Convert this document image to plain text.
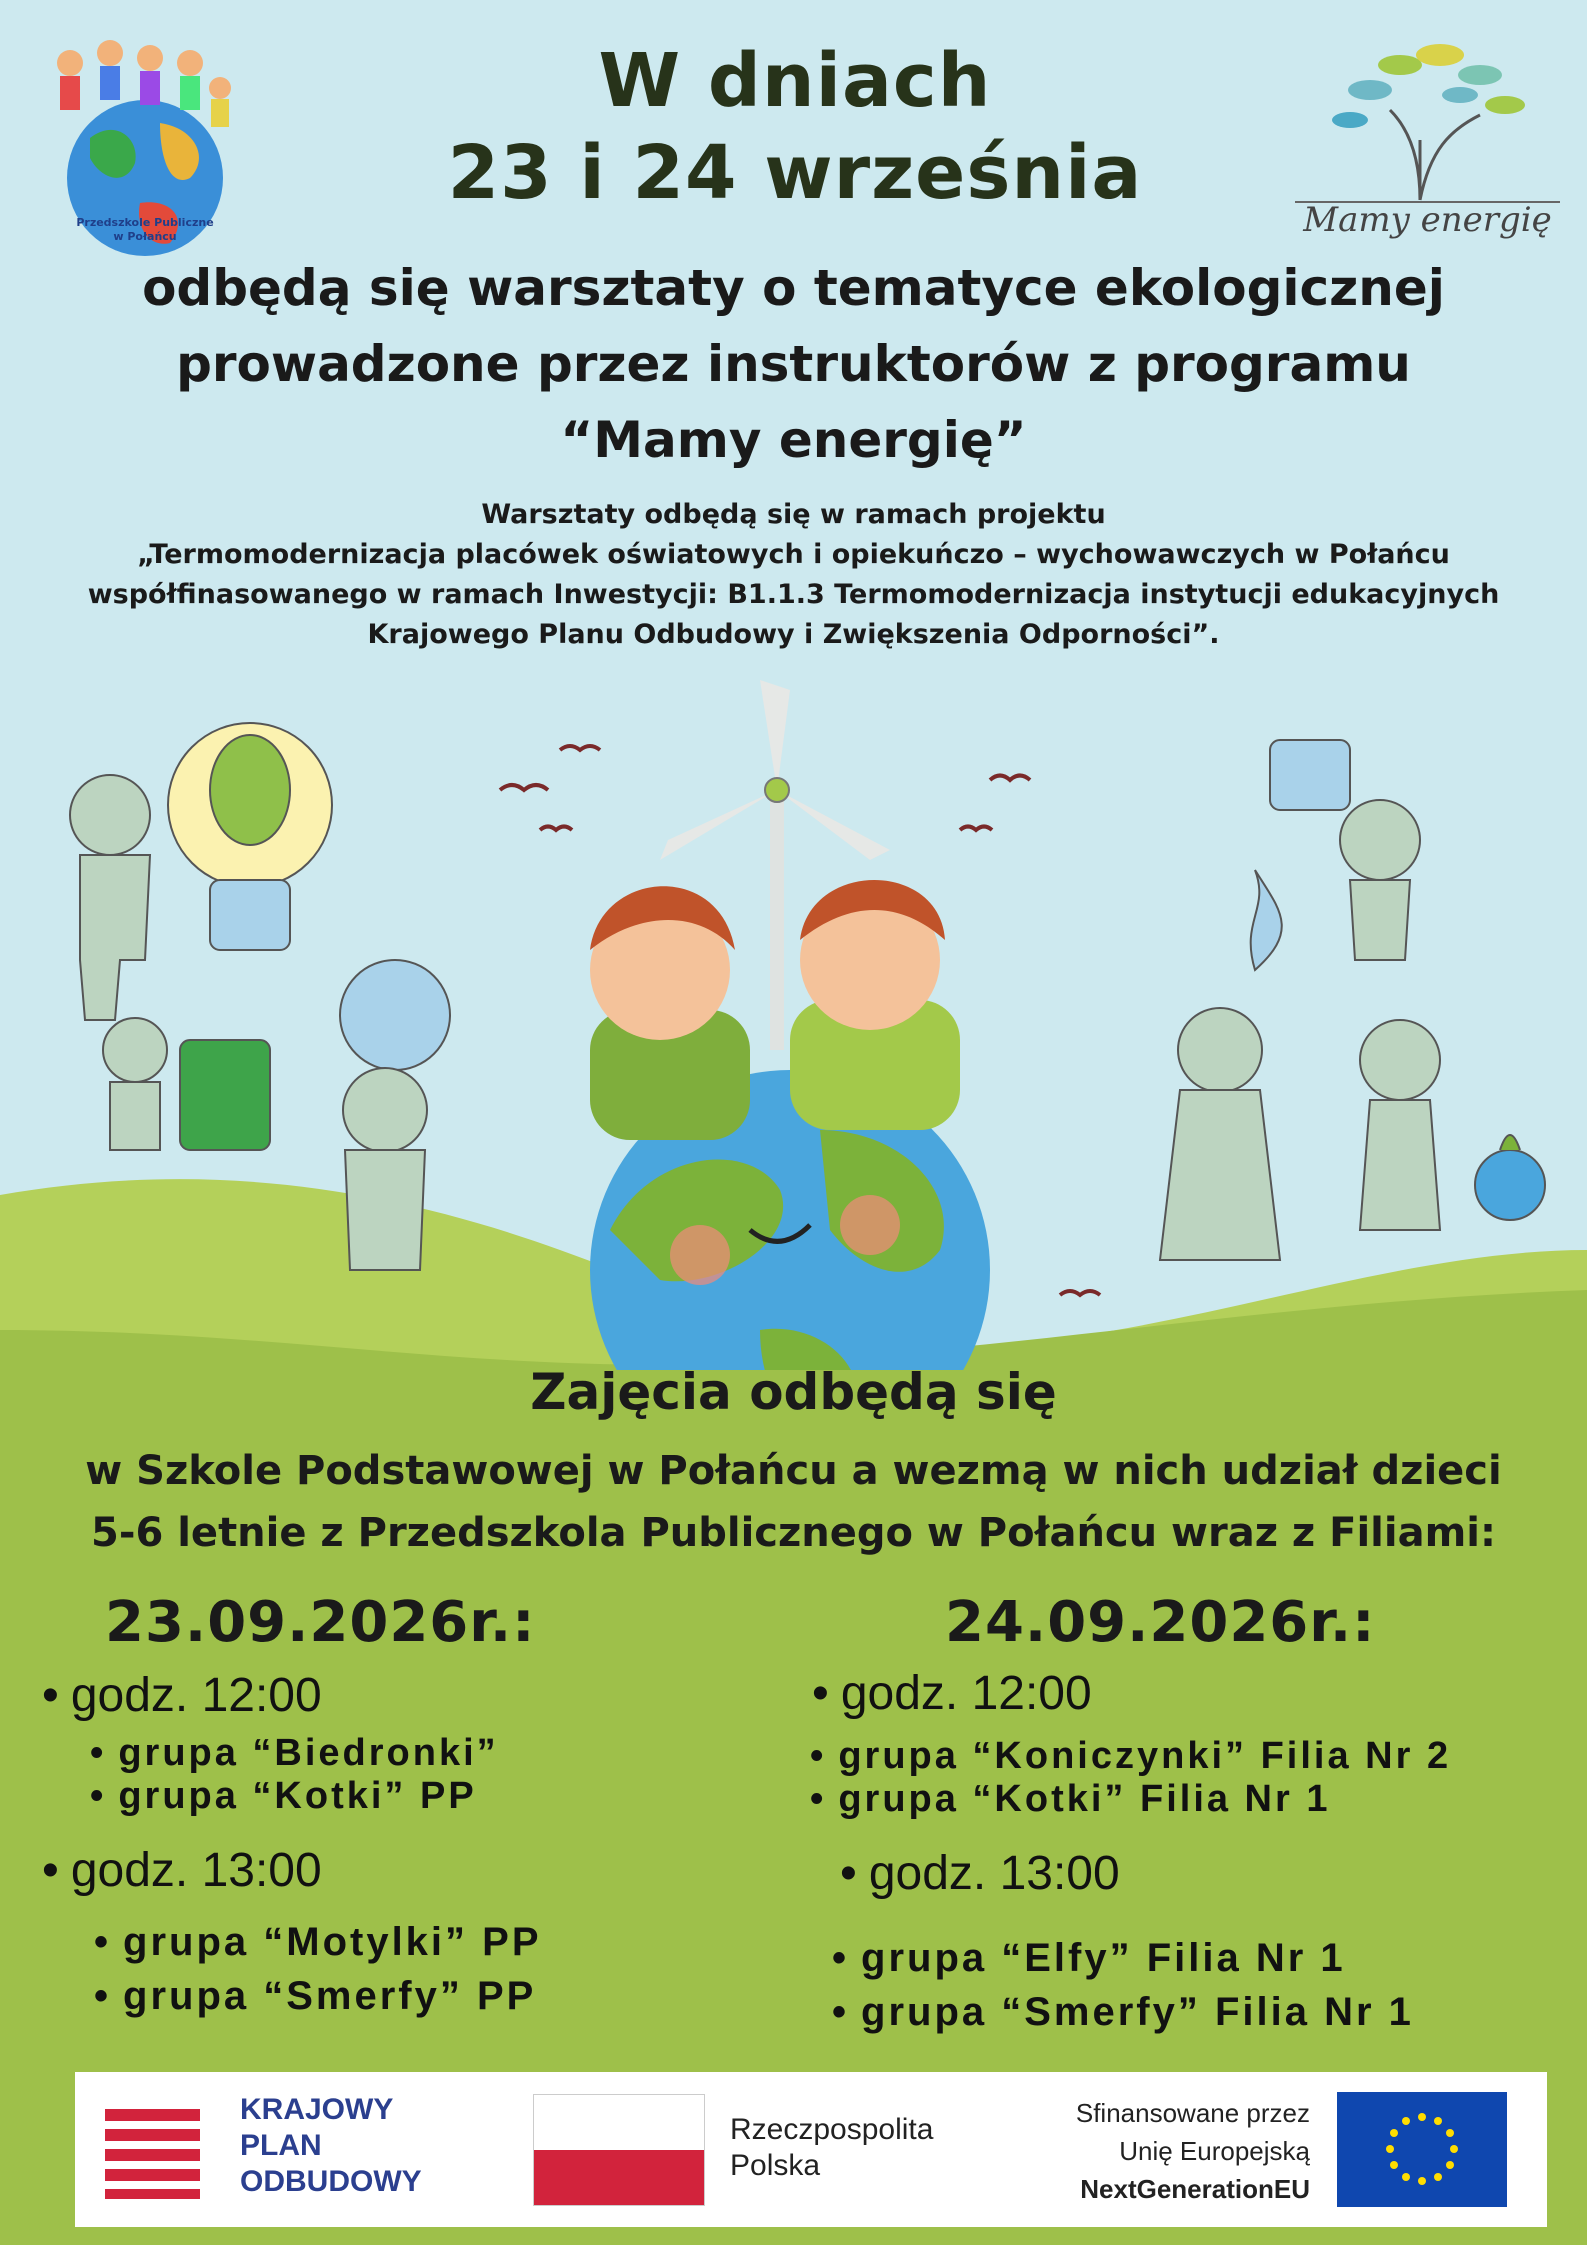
Przedszkole Publiczne
w Połańcu	Mamy energię
W dniach
23 i 24 września
odbędą się warsztaty o tematyce ekologicznej
prowadzone przez instruktorów z programu
“Mamy energię”
Warsztaty odbędą się w ramach projektu
„Termomodernizacja placówek oświatowych i opiekuńczo – wychowawczych w Połańcu
współfinasowanego w ramach Inwestycji: B1.1.3 Termomodernizacja instytucji edukacyjnych
Krajowego Planu Odbudowy i Zwiększenia Odporności”.
Zajęcia odbędą się
w Szkole Podstawowej w Połańcu a wezmą w nich udział dzieci
5-6 letnie z Przedszkola Publicznego w Połańcu wraz z Filiami:
23.09.2026r.:
• godz. 12:00
• grupa “Biedronki”
• grupa “Kotki” PP
• godz. 13:00
• grupa “Motylki” PP
• grupa “Smerfy” PP
24.09.2026r.:
• godz. 12:00
• grupa “Koniczynki” Filia Nr 2
• grupa “Kotki” Filia Nr 1
• godz. 13:00
• grupa “Elfy” Filia Nr 1
• grupa “Smerfy” Filia Nr 1
KRAJOWY
PLAN
ODBUDOWY
Rzeczpospolita
Polska
Sfinansowane przez
Unię Europejską
NextGenerationEU
